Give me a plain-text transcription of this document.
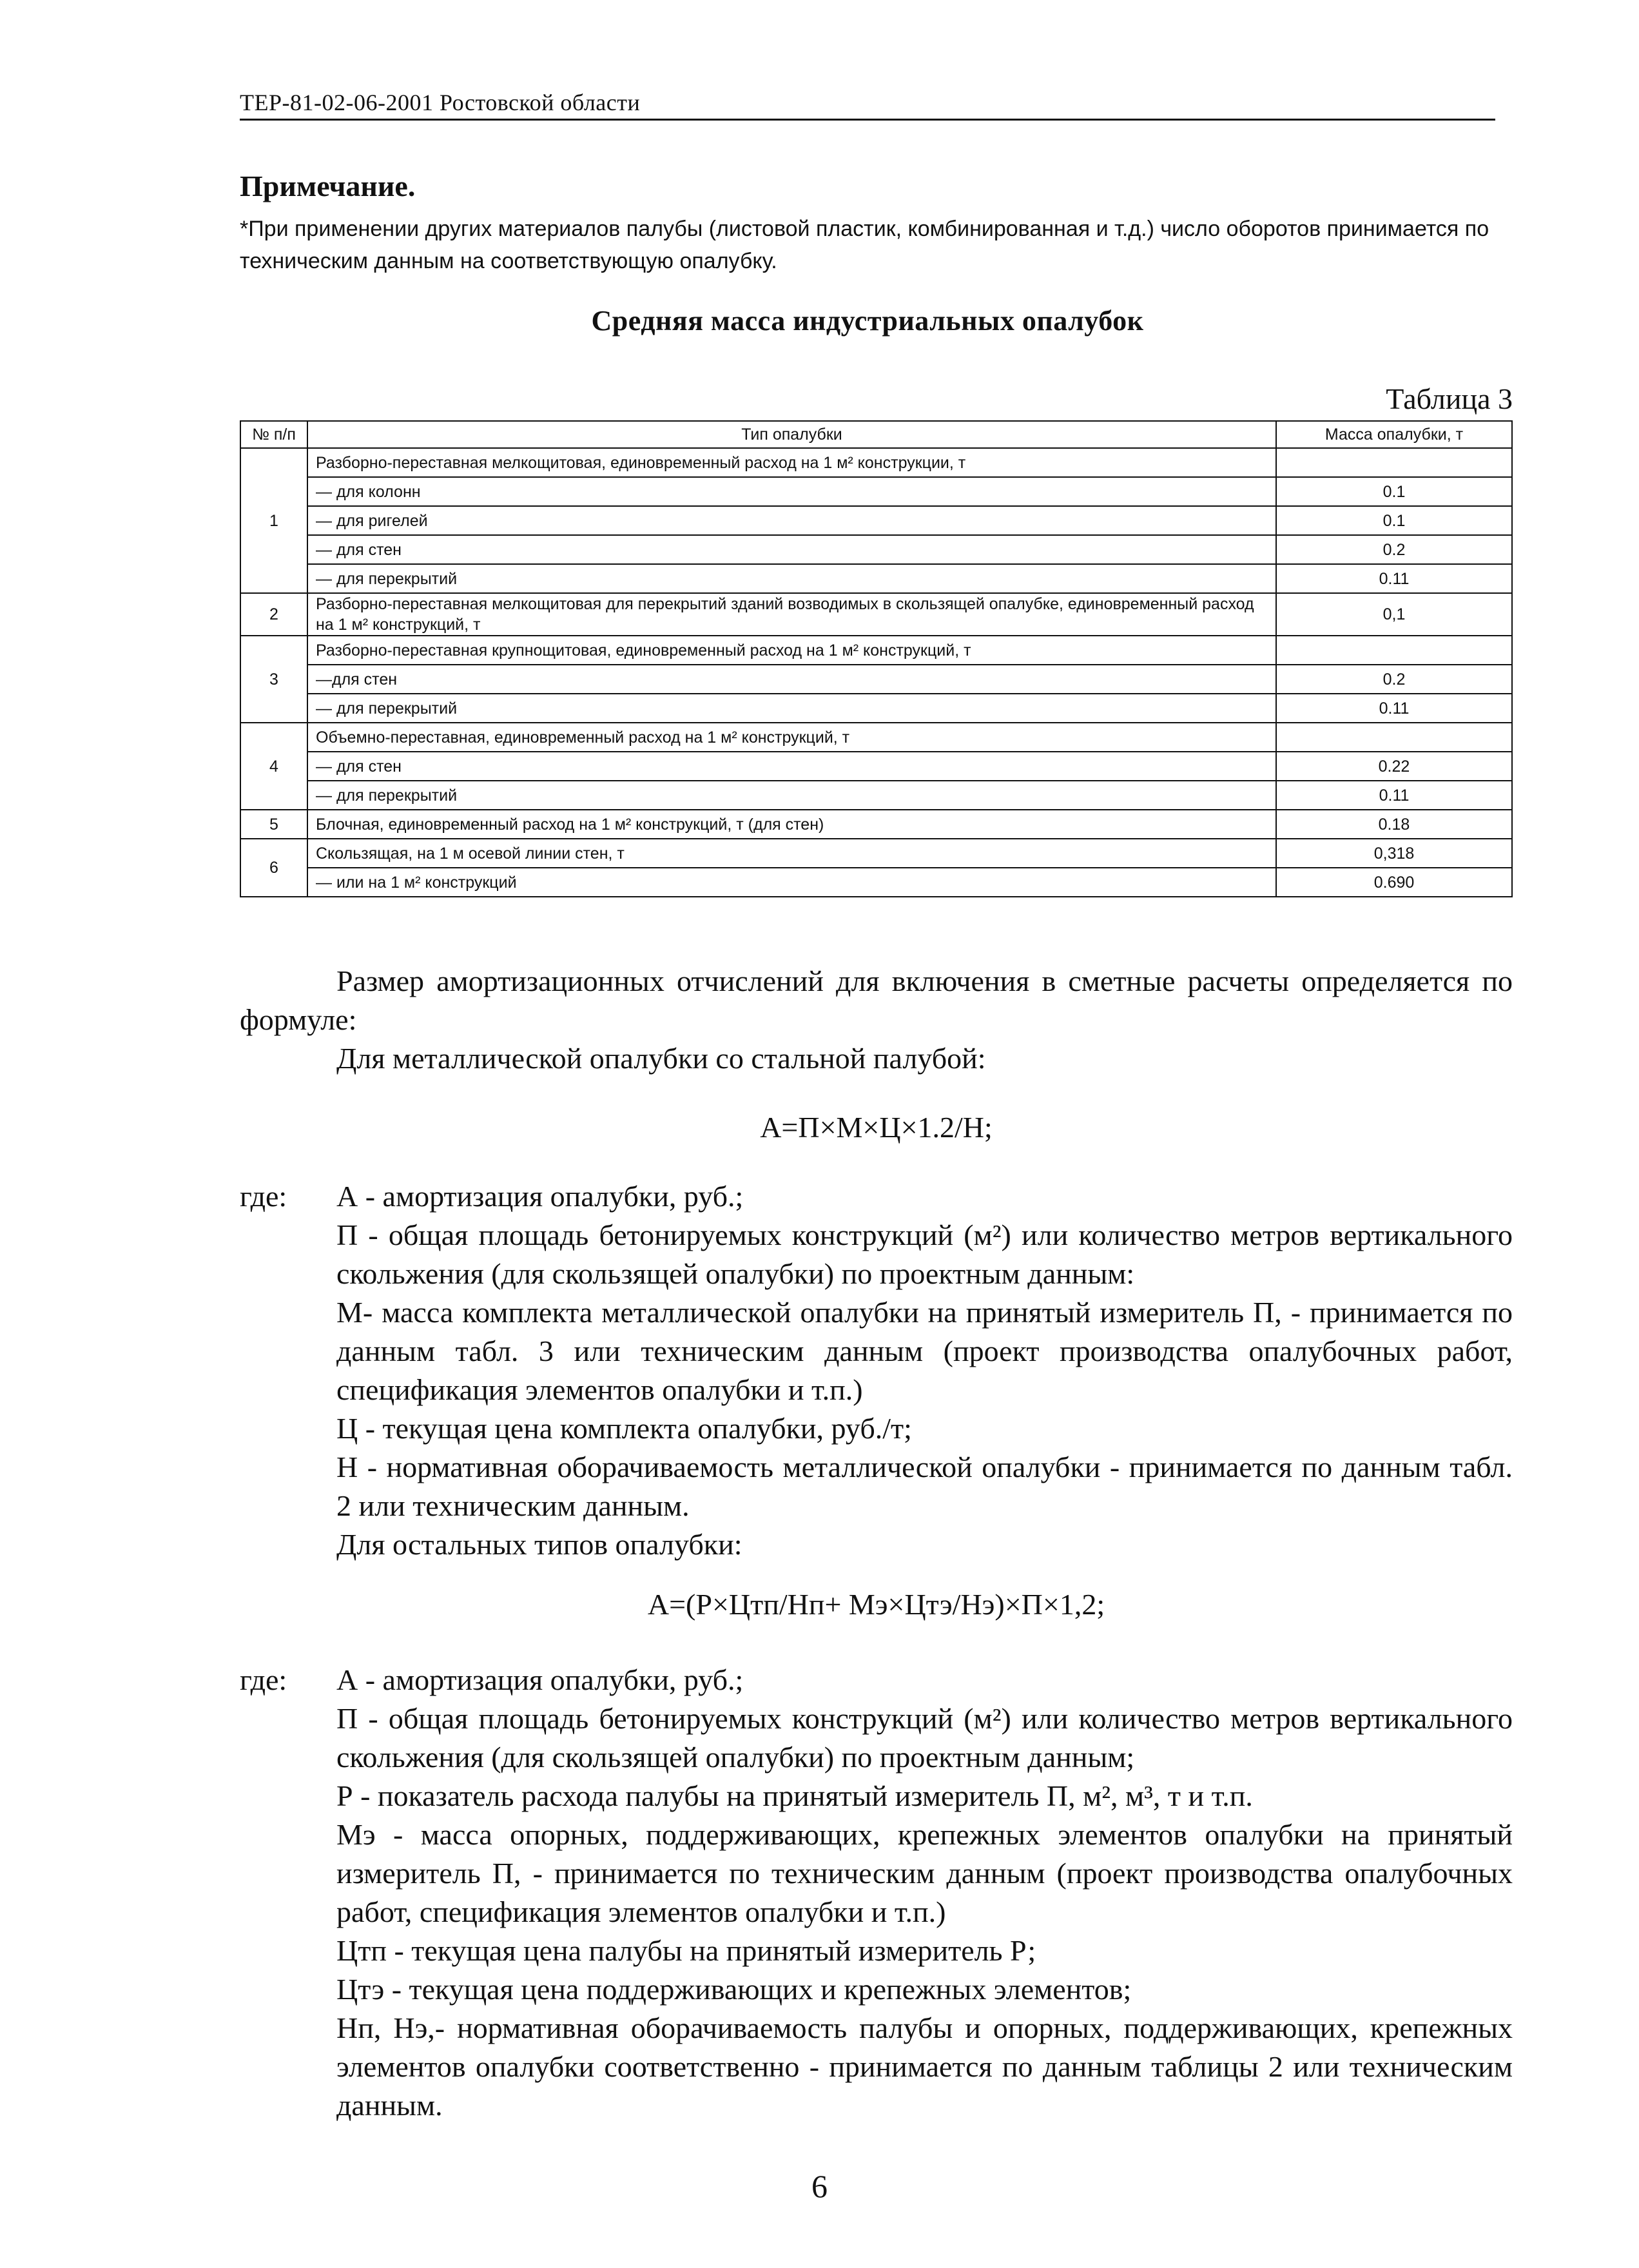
ТЕР-81-02-06-2001 Ростовской области
Примечание.
*При применении других материалов палубы (листовой пластик, комбинированная и т.д.) число оборотов принимается по техническим данным на соответствующую опалубку.
Средняя масса индустриальных опалубок
Таблица 3
№ п/п	Тип опалубки	Масса опалубки, т
1	Разборно-переставная мелкощитовая, единовременный расход на 1 м² конструкции, т	
	— для колонн	0.1
	— для ригелей	0.1
	— для стен	0.2
	— для перекрытий	0.11
2	Разборно-переставная мелкощитовая для перекрытий зданий возводимых в скользящей опалубке, единовременный расход на 1 м² конструкций, т	0,1
3	Разборно-переставная крупнощитовая, единовременный расход на 1 м² конструкций, т	
	—для стен	0.2
	— для перекрытий	0.11
4	Объемно-переставная, единовременный расход на 1 м² конструкций, т	
	— для стен	0.22
	— для перекрытий	0.11
5	Блочная, единовременный расход на 1 м² конструкций, т (для стен)	0.18
6	Скользящая, на 1 м осевой линии стен, т	0,318
	— или на 1 м² конструкций	0.690
Размер амортизационных отчислений для включения в сметные расчеты определяется по формуле:
Для металлической опалубки со стальной палубой:
А=П×М×Ц×1.2/Н;
где:	А - амортизация опалубки, руб.;
П - общая площадь бетонируемых конструкций (м²) или количество метров вертикального скольжения (для скользящей опалубки) по проектным данным:
М- масса комплекта металлической опалубки на принятый измеритель П, - принимается по данным табл. 3 или техническим данным (проект производства опалубочных работ, спецификация элементов опалубки и т.п.)
Ц - текущая цена комплекта опалубки, руб./т;
Н - нормативная оборачиваемость металлической опалубки - принимается по данным табл. 2 или техническим данным.
Для остальных типов опалубки:
А=(Р×Цтп/Нп+ Мэ×Цтэ/Нэ)×П×1,2;
где:	А - амортизация опалубки, руб.;
П - общая площадь бетонируемых конструкций (м²) или количество метров вертикального скольжения (для скользящей опалубки) по проектным данным;
Р - показатель расхода палубы на принятый измеритель П, м², м³, т и т.п.
Мэ - масса опорных, поддерживающих, крепежных элементов опалубки на принятый измеритель П, - принимается по техническим данным (проект производства опалубочных работ, спецификация элементов опалубки и т.п.)
Цтп - текущая цена палубы на принятый измеритель Р;
Цтэ - текущая цена поддерживающих и крепежных элементов;
Нп, Нэ,- нормативная оборачиваемость палубы и опорных, поддерживающих, крепежных элементов опалубки соответственно - принимается по данным таблицы 2 или техническим данным.
6
